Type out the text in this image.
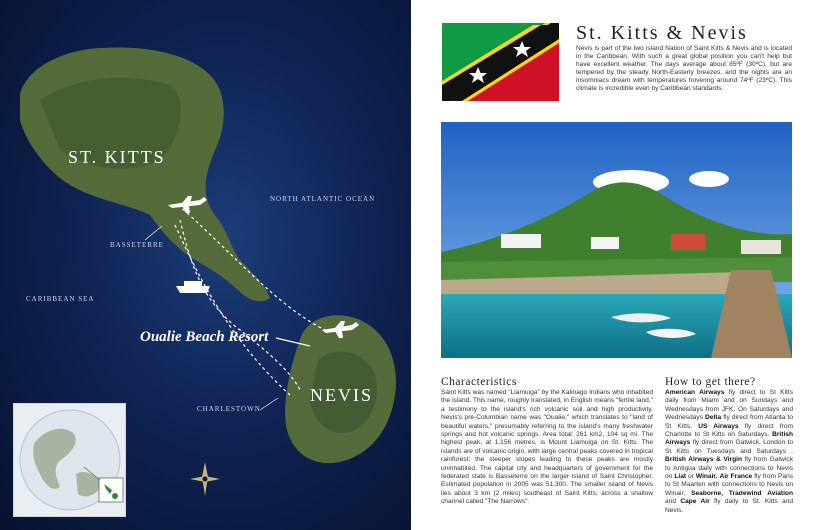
ST. KITTS
NEVIS
NORTH ATLANTIC OCEAN
CARIBBEAN SEA
BASSETERRE
CHARLESTOWN
Oualie Beach Resort
St. Kitts & Nevis
Nevis is part of the two island Nation of Saint Kitts & Nevis and is located in the Caribbean. With such a great global position you can't help but have excellent weather. The days average about 85ºF (30ºC), but are tempered by the steady North-Easterly breezes, and the nights are an insomniacs dream with temperatures hovering around 74ºF (23ºC). This climate is incredible even by Caribbean standards.
Characteristics
Saint Kitts was named "Liamuiga" by the Kalinago Indians who inhabited the island. This name, roughly translated, in English means "fertile land," a testimony to the island's rich volcanic soil and high productivity. Nevis's pre-Columbian name was "Oualie," which translates to "land of beautiful waters," presumably referring to the island's many freshwater springs and hot volcanic springs. Area total: 261 km2, 104 sq mi. The highest peak, at 1,156 metres, is Mount Liamuiga on St. Kitts. The islands are of volcanic origin, with large central peaks covered in tropical rainforest; the steeper slopes leading to these peaks are mostly uninhabited. The capital city and headquarters of government for the federated state is Basseterre on the larger island of Saint Christopher. Estimated population in 2005 was 51,300. The smaller island of Nevis lies about 3 km (2 miles) southeast of Saint Kitts, across a shallow channel called "The Narrows".
How to get there?
American Airways fly direct to St Kitts daily from Miami and on Sundays and Wednesdays from JFK. On Saturdays and Wednesdays Delta fly direct from Atlanta to St Kitts. US Airways fly direct from Charlotte to St Kitts on Saturdays. British Airways fly direct from Gatwick, London to St Kitts on Tuesdays and Saturdays . British Airways & Virgin fly from Gatwick to Antigua daily with connections to Nevis on Liat or Winair. Air France fly from Paris to St Maarten with connections to Nevis on Winair, Seaborne, Tradewind Aviation and Cape Air fly daily to St. Kitts and Nevis.
